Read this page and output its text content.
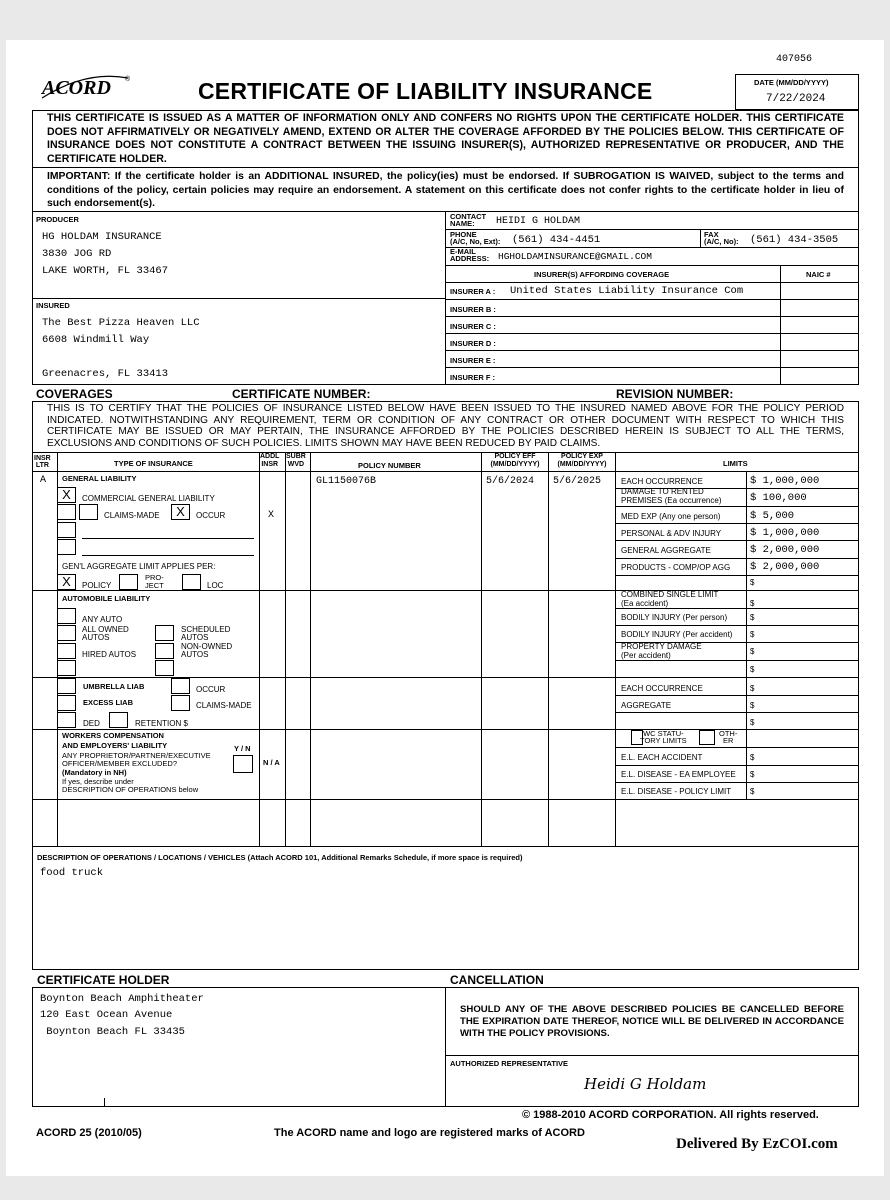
407056
ACORD ®	CERTIFICATE OF LIABILITY INSURANCE	DATE (MM/DD/YYYY)
7/22/2024
THIS CERTIFICATE IS ISSUED AS A MATTER OF INFORMATION ONLY AND CONFERS NO RIGHTS UPON THE CERTIFICATE HOLDER. THIS CERTIFICATE DOES NOT AFFIRMATIVELY OR NEGATIVELY AMEND, EXTEND OR ALTER THE COVERAGE AFFORDED BY THE POLICIES BELOW. THIS CERTIFICATE OF INSURANCE DOES NOT CONSTITUTE A CONTRACT BETWEEN THE ISSUING INSURER(S), AUTHORIZED REPRESENTATIVE OR PRODUCER, AND THE CERTIFICATE HOLDER.
IMPORTANT: If the certificate holder is an ADDITIONAL INSURED, the policy(ies) must be endorsed. If SUBROGATION IS WAIVED, subject to the terms and conditions of the policy, certain policies may require an endorsement. A statement on this certificate does not confer rights to the certificate holder in lieu of such endorsement(s).
PRODUCER
HG HOLDAM INSURANCE
3830 JOG RD
LAKE WORTH, FL 33467
INSURED
The Best Pizza Heaven LLC
6608 Windmill Way
Greenacres, FL 33413
CONTACT
NAME:	HEIDI G HOLDAM
PHONE
(A/C, No, Ext): (561) 434-4451	FAX
(A/C, No): (561) 434-3505
E-MAIL
ADDRESS: HGHOLDAMINSURANCE@GMAIL.COM
INSURER(S) AFFORDING COVERAGE	NAIC #
INSURER A : United States Liability Insurance Com
INSURER B :
INSURER C :
INSURER D :
INSURER E :
INSURER F :
COVERAGES	CERTIFICATE NUMBER:	REVISION NUMBER:
THIS IS TO CERTIFY THAT THE POLICIES OF INSURANCE LISTED BELOW HAVE BEEN ISSUED TO THE INSURED NAMED ABOVE FOR THE POLICY PERIOD INDICATED. NOTWITHSTANDING ANY REQUIREMENT, TERM OR CONDITION OF ANY CONTRACT OR OTHER DOCUMENT WITH RESPECT TO WHICH THIS CERTIFICATE MAY BE ISSUED OR MAY PERTAIN, THE INSURANCE AFFORDED BY THE POLICIES DESCRIBED HEREIN IS SUBJECT TO ALL THE TERMS, EXCLUSIONS AND CONDITIONS OF SUCH POLICIES. LIMITS SHOWN MAY HAVE BEEN REDUCED BY PAID CLAIMS.
INSR
LTR	TYPE OF INSURANCE
ADDL
INSR
SUBR
WVD	POLICY NUMBER
POLICY EFF
(MM/DD/YYYY)
POLICY EXP
(MM/DD/YYYY)	LIMITS
A GENERAL LIABILITY
X	COMMERCIAL GENERAL LIABILITY
CLAIMS-MADE	X	OCCUR
GEN'L AGGREGATE LIMIT APPLIES PER:
X	POLICY
PRO-
JECT	LOC
X
GL1150076B	5/6/2024 5/6/2025 EACH OCCURRENCE	$ 1,000,000
DAMAGE TO RENTED
PREMISES (Ea occurrence)	$ 100,000
MED EXP (Any one person)	$ 5,000
PERSONAL & ADV INJURY	$ 1,000,000
GENERAL AGGREGATE	$ 2,000,000
PRODUCTS - COMP/OP AGG $ 2,000,000
$
AUTOMOBILE LIABILITY
ANY AUTO
ALL OWNED
AUTOS
SCHEDULED
AUTOS
HIRED AUTOS
NON-OWNED
AUTOS
COMBINED SINGLE LIMIT
(Ea accident)	$
BODILY INJURY (Per person)	$
BODILY INJURY (Per accident) $
PROPERTY DAMAGE
(Per accident)	$
$
UMBRELLA LIAB	OCCUR
EXCESS LIAB	CLAIMS-MADE
DED	RETENTION $
EACH OCCURRENCE	$
AGGREGATE	$
$
WORKERS COMPENSATION
AND EMPLOYERS' LIABILITY	Y / N
ANY PROPRIETOR/PARTNER/EXECUTIVE
OFFICER/MEMBER EXCLUDED?
(Mandatory in NH)
If yes, describe under
DESCRIPTION OF OPERATIONS below
N / A
WC STATU-
TORY LIMITS
OTH-
ER
E.L. EACH ACCIDENT	$
E.L. DISEASE - EA EMPLOYEE $
E.L. DISEASE - POLICY LIMIT $
DESCRIPTION OF OPERATIONS / LOCATIONS / VEHICLES (Attach ACORD 101, Additional Remarks Schedule, if more space is required)
food truck
CERTIFICATE HOLDER	CANCELLATION
Boynton Beach Amphitheater
120 East Ocean Avenue
Boynton Beach FL 33435
SHOULD ANY OF THE ABOVE DESCRIBED POLICIES BE CANCELLED BEFORE THE EXPIRATION DATE THEREOF, NOTICE WILL BE DELIVERED IN ACCORDANCE WITH THE POLICY PROVISIONS.
AUTHORIZED REPRESENTATIVE
Heidi G Holdam
© 1988-2010 ACORD CORPORATION. All rights reserved.
ACORD 25 (2010/05)	The ACORD name and logo are registered marks of ACORD
Delivered By EzCOI.com
